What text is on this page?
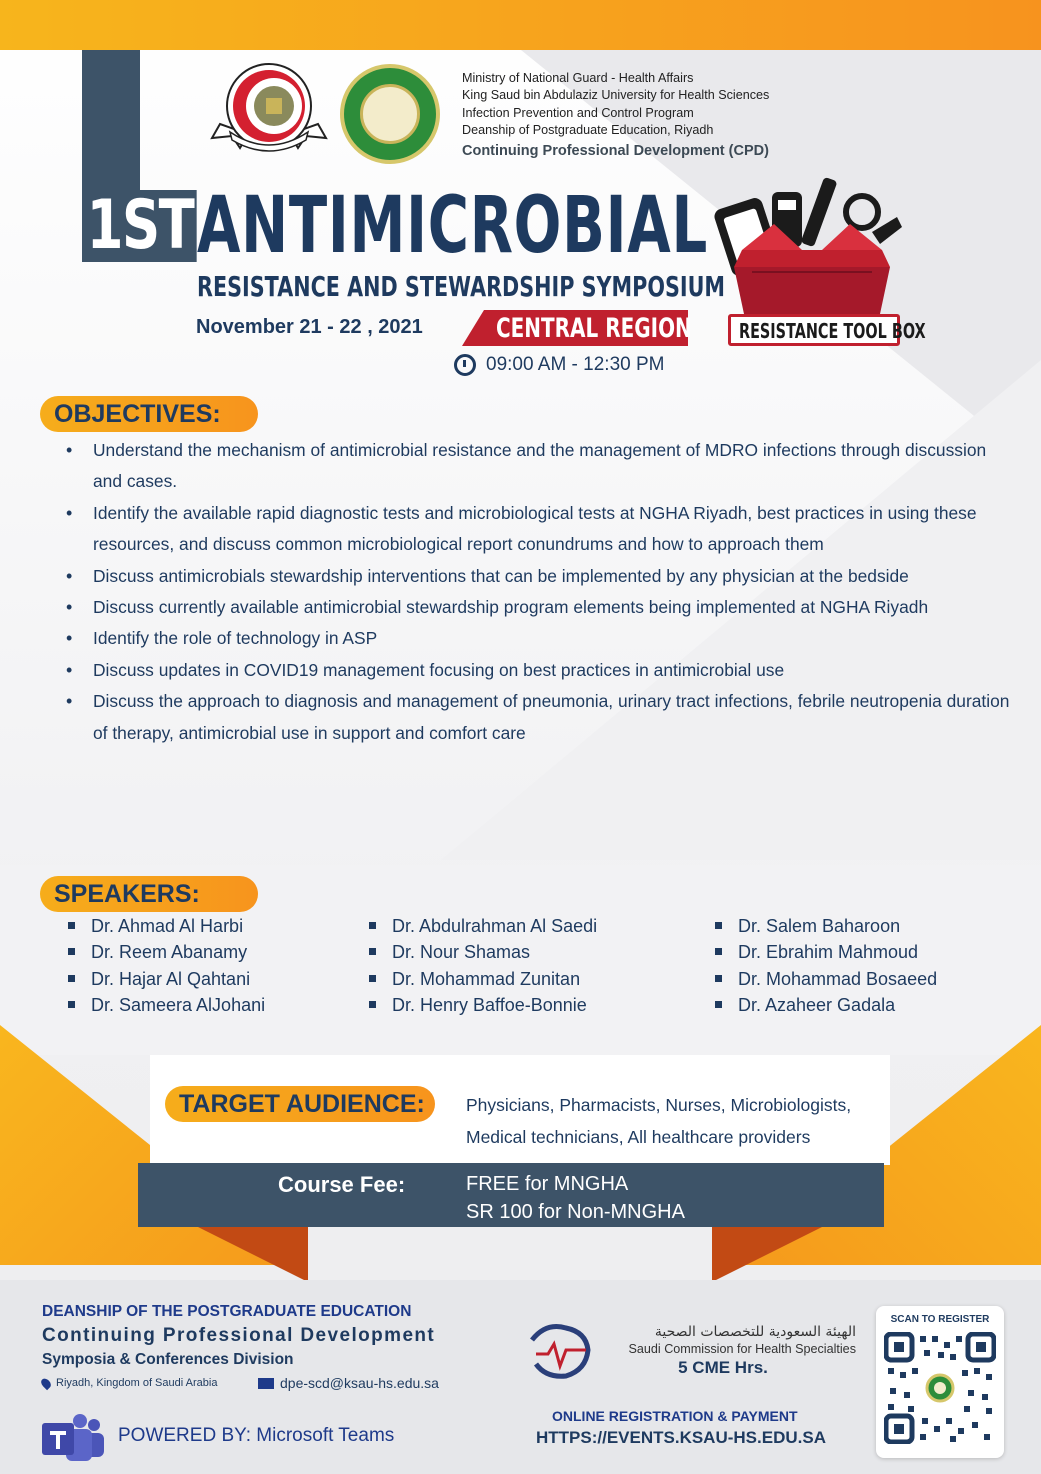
Ministry of National Guard - Health Affairs
King Saud bin Abdulaziz University for Health Sciences
Infection Prevention and Control Program
Deanship of Postgraduate Education, Riyadh
Continuing Professional Development (CPD)
1ST ANTIMICROBIAL
RESISTANCE AND STEWARDSHIP SYMPOSIUM
November 21 - 22 , 2021	CENTRAL REGION
09:00 AM - 12:30 PM
RESISTANCE TOOL BOX
OBJECTIVES:
• Understand the mechanism of antimicrobial resistance and the management of MDRO infections through discussion and cases.
• Identify the available rapid diagnostic tests and microbiological tests at NGHA Riyadh, best practices in using these resources, and discuss common microbiological report conundrums and how to approach them
• Discuss antimicrobials stewardship interventions that can be implemented by any physician at the bedside
• Discuss currently available antimicrobial stewardship program elements being implemented at NGHA Riyadh
• Identify the role of technology in ASP
• Discuss updates in COVID19 management focusing on best practices in antimicrobial use
• Discuss the approach to diagnosis and management of pneumonia, urinary tract infections, febrile neutropenia duration of therapy, antimicrobial use in support and comfort care
SPEAKERS:
Dr. Ahmad Al Harbi
Dr. Reem Abanamy
Dr. Hajar Al Qahtani
Dr. Sameera AlJohani
Dr. Abdulrahman Al Saedi
Dr. Nour Shamas
Dr. Mohammad Zunitan
Dr. Henry Baffoe-Bonnie
Dr. Salem Baharoon
Dr. Ebrahim Mahmoud
Dr. Mohammad Bosaeed
Dr. Azaheer Gadala
TARGET AUDIENCE: Physicians, Pharmacists, Nurses, Microbiologists,
Medical technicians, All healthcare providers
Course Fee:	FREE for MNGHA
SR 100 for Non-MNGHA
DEANSHIP OF THE POSTGRADUATE EDUCATION
Continuing Professional Development
Symposia & Conferences Division
Riyadh, Kingdom of Saudi Arabia	dpe-scd@ksau-hs.edu.sa
POWERED BY: Microsoft Teams
الهيئة السعودية للتخصصات الصحية
Saudi Commission for Health Specialties
5 CME Hrs.
ONLINE REGISTRATION & PAYMENT
HTTPS://EVENTS.KSAU-HS.EDU.SA
SCAN TO REGISTER
